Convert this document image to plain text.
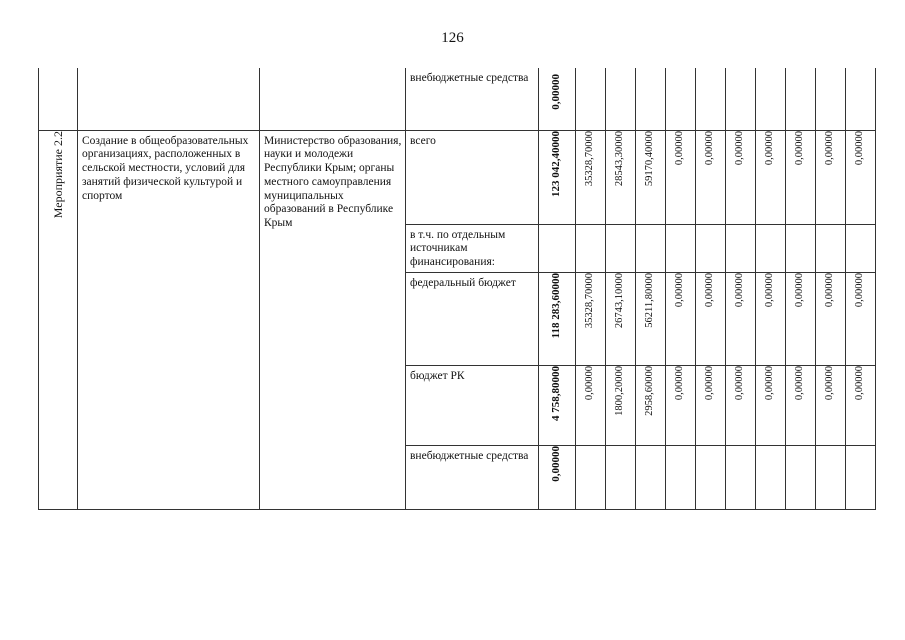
126

			внебюджетные средства	0,00000										
Мероприятие 2.2	Создание в общеобразовательных организациях, расположенных в сельской местности, условий для занятий физической культурой и спортом	Министерство образования, науки и молодежи Республики Крым; органы местного самоуправления муниципальных образований в Республике Крым	всего	123 042,40000	35328,70000	28543,30000	59170,40000	0,00000	0,00000	0,00000	0,00000	0,00000	0,00000	0,00000

			в т.ч. по отдельным источникам финансирования:											

			федеральный бюджет	118 283,60000	35328,70000	26743,10000	56211,80000	0,00000	0,00000	0,00000	0,00000	0,00000	0,00000	0,00000

			бюджет РК	4 758,80000	0,00000	1800,20000	2958,60000	0,00000	0,00000	0,00000	0,00000	0,00000	0,00000	0,00000

			внебюджетные средства	0,00000										
